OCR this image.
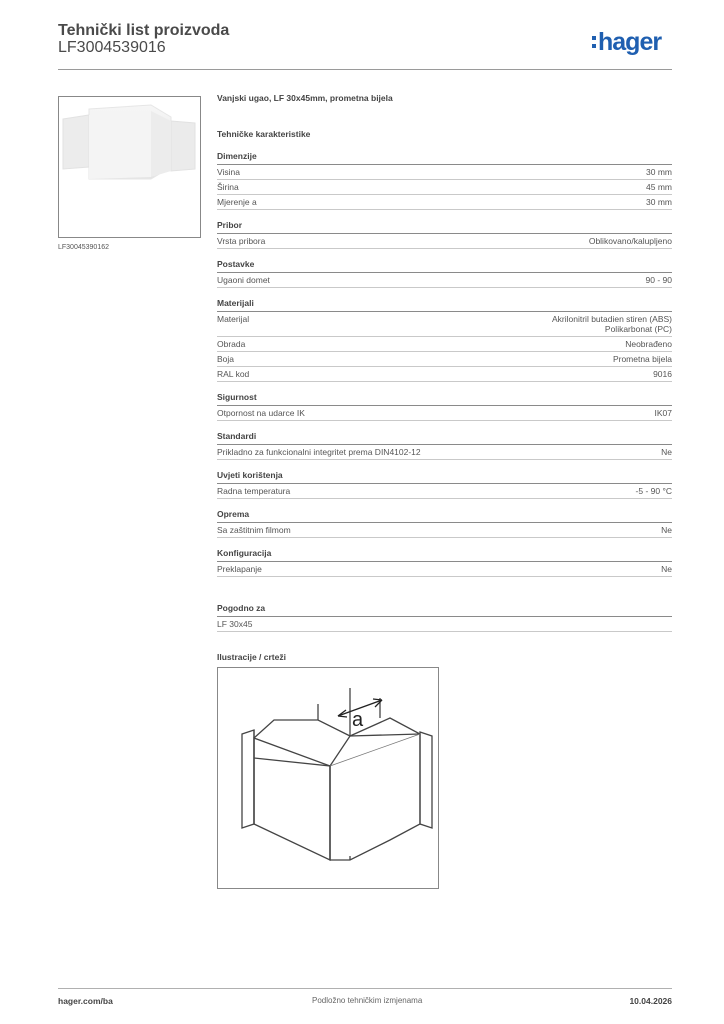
Tehnički list proizvoda
LF3004539016	hager
LF30045390162
Vanjski ugao, LF 30x45mm, prometna bijela
Tehničke karakteristike
Dimenzije
Visina	30 mm
Širina	45 mm
Mjerenje a	30 mm
Pribor
Vrsta pribora	Oblikovano/kalupljeno
Postavke
Ugaoni domet	90 - 90
Materijali
Materijal	Akrilonitril butadien stiren (ABS)
Polikarbonat (PC)
Obrada	Neobrađeno
Boja	Prometna bijela
RAL kod	9016
Sigurnost
Otpornost na udarce IK	IK07
Standardi
Prikladno za funkcionalni integritet prema DIN4102-12	Ne
Uvjeti korištenja
Radna temperatura	-5 - 90 °C
Oprema
Sa zaštitnim filmom	Ne
Konfiguracija
Preklapanje	Ne
Pogodno za
LF 30x45
Ilustracije / crteži
a
hager.com/ba	Podložno tehničkim izmjenama	10.04.2026
